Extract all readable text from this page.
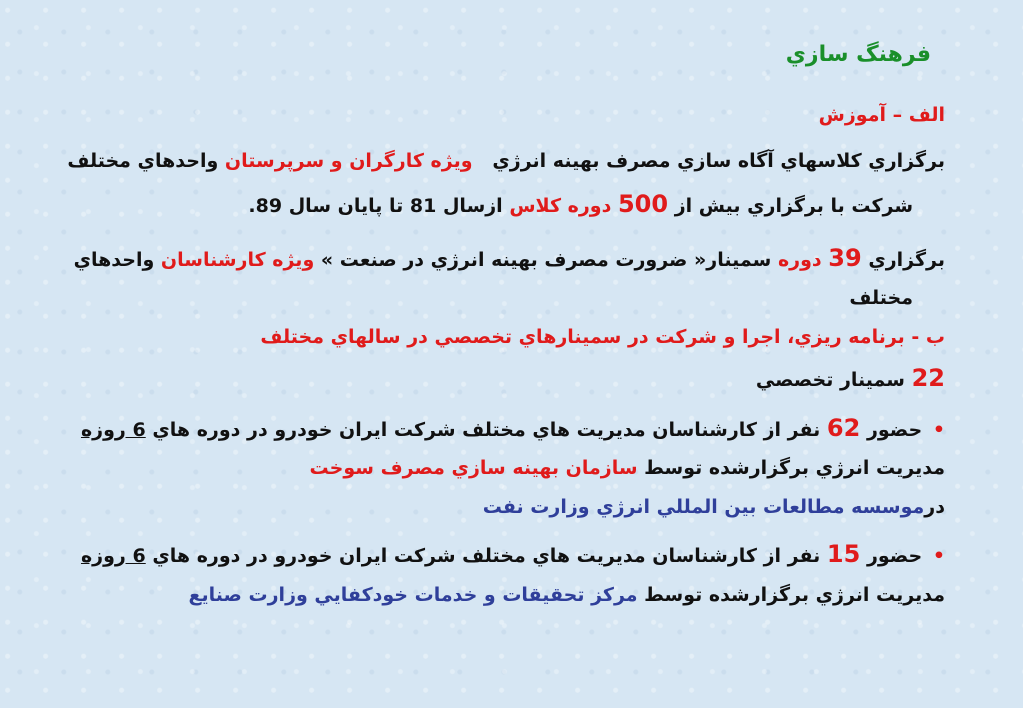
فرهنگ سازي
الف – آموزش
برگزاري كلاسهاي آگاه سازي مصرف بهينه انرژي   ويژه كارگران و سرپرستان واحدهاي مختلف
شركت با برگزاري بيش از 500 دوره كلاس ازسال 81 تا پايان سال 89.
برگزاري 39 دوره سمينار« ضرورت مصرف بهينه انرژي در صنعت » ويژه كارشناسان واحدهاي
مختلف
ب - برنامه ريزي، اجرا و شركت در سمينارهاي تخصصي در سالهاي مختلف
22 سمينار تخصصي
• حضور 62 نفر از كارشناسان مديريت هاي مختلف شركت ايران خودرو در دوره هاي 6 روزه
مديريت انرژي برگزارشده توسط سازمان بهينه سازي مصرف سوخت
درموسسه مطالعات بين المللي انرژي وزارت نفت
• حضور 15 نفر از كارشناسان مديريت هاي مختلف شركت ايران خودرو در دوره هاي 6 روزه
مديريت انرژي برگزارشده توسط مركز تحقيقات و خدمات خودكفايي وزارت صنايع
